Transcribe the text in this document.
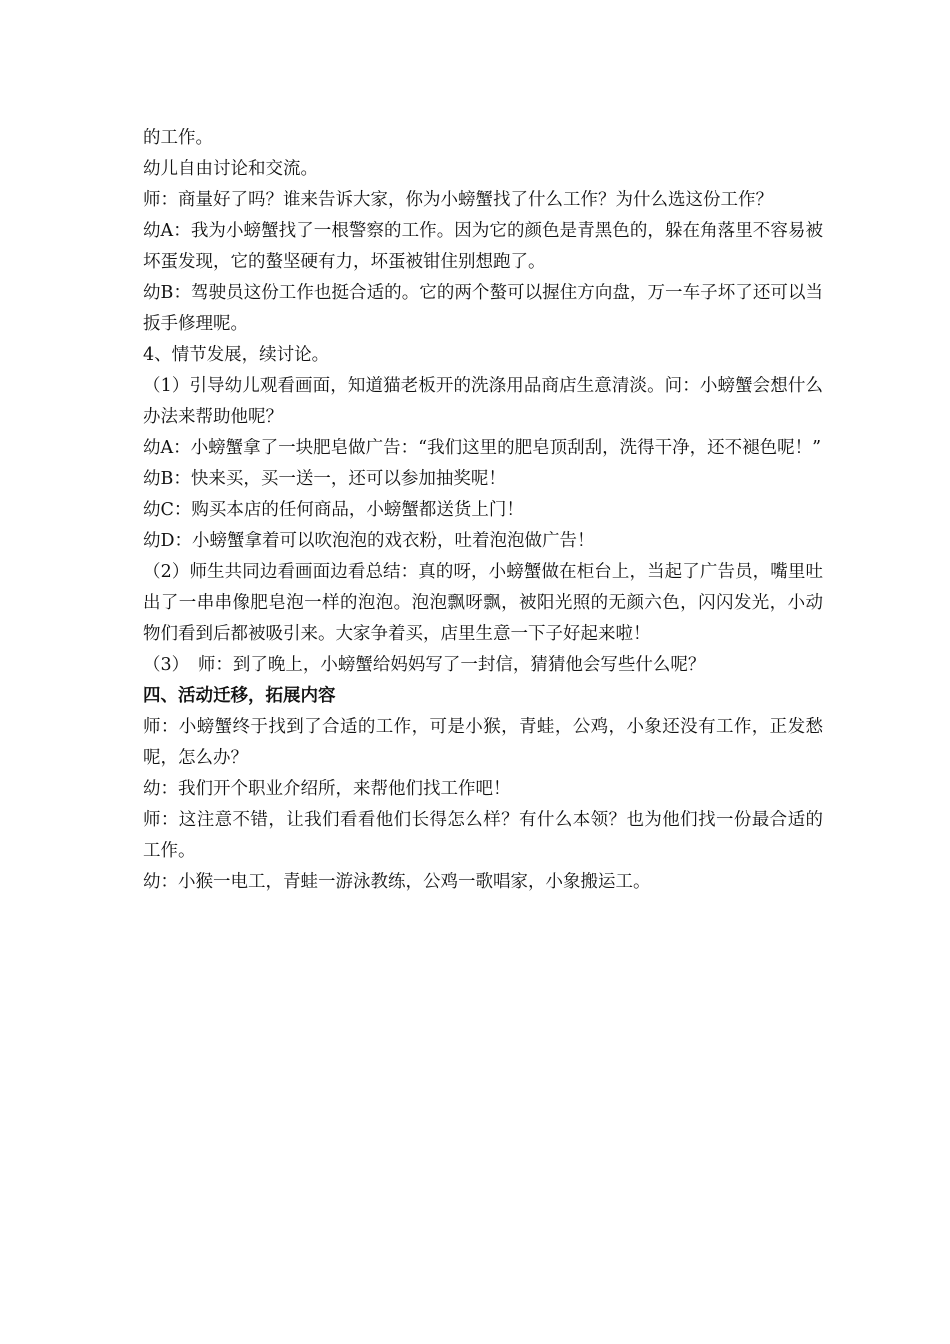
的工作。

幼儿自由讨论和交流。

师：商量好了吗？谁来告诉大家，你为小螃蟹找了什么工作？为什么选这份工作？

幼A：我为小螃蟹找了一根警察的工作。因为它的颜色是青黑色的，躲在角落里不容易被坏蛋发现，它的螯坚硬有力，坏蛋被钳住别想跑了。

幼B：驾驶员这份工作也挺合适的。它的两个螯可以握住方向盘，万一车子坏了还可以当扳手修理呢。

4、情节发展，续讨论。

（1）引导幼儿观看画面，知道猫老板开的洗涤用品商店生意清淡。问：小螃蟹会想什么办法来帮助他呢？

幼A：小螃蟹拿了一块肥皂做广告：“我们这里的肥皂顶刮刮，洗得干净，还不褪色呢！”

幼B：快来买，买一送一，还可以参加抽奖呢！

幼C：购买本店的任何商品，小螃蟹都送货上门！

幼D：小螃蟹拿着可以吹泡泡的戏衣粉，吐着泡泡做广告！

（2）师生共同边看画面边看总结：真的呀，小螃蟹做在柜台上，当起了广告员，嘴里吐出了一串串像肥皂泡一样的泡泡。泡泡飘呀飘，被阳光照的无颜六色，闪闪发光，小动物们看到后都被吸引来。大家争着买，店里生意一下子好起来啦！

（3）　师：到了晚上，小螃蟹给妈妈写了一封信，猜猜他会写些什么呢？

四、活动迁移，拓展内容

师：小螃蟹终于找到了合适的工作，可是小猴，青蛙，公鸡，小象还没有工作，正发愁呢，怎么办？

幼：我们开个职业介绍所，来帮他们找工作吧！

师：这注意不错，让我们看看他们长得怎么样？有什么本领？也为他们找一份最合适的工作。

幼：小猴一电工，青蛙一游泳教练，公鸡一歌唱家，小象搬运工。
